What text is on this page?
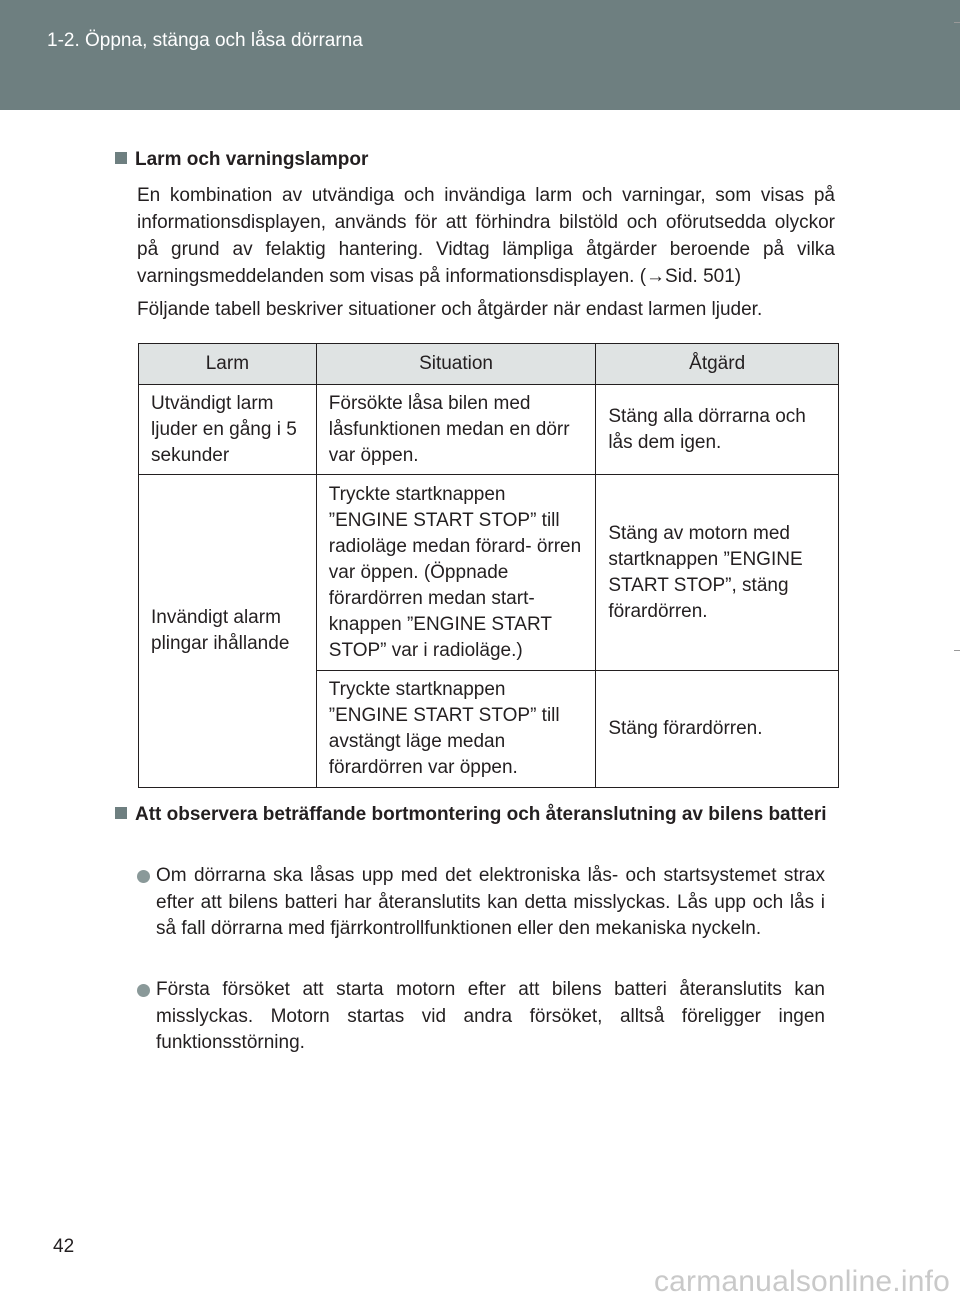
1-2. Öppna, stänga och låsa dörrarna
Larm och varningslampor
En kombination av utvändiga och invändiga larm och varningar, som visas på informationsdisplayen, används för att förhindra bilstöld och oförutsedda olyckor på grund av felaktig hantering. Vidtag lämpliga åtgärder beroende på vilka varningsmeddelanden som visas på informationsdisplayen. (→Sid. 501)
Följande tabell beskriver situationer och åtgärder när endast larmen ljuder.
Larm	Situation	Åtgärd
Utvändigt larm ljuder en gång i 5 sekunder	Försökte låsa bilen med låsfunktionen medan en dörr var öppen.	Stäng alla dörrarna och lås dem igen.
Invändigt alarm plingar ihållande	Tryckte startknappen ”ENGINE START STOP” till radioläge medan förard- örren var öppen. (Öppnade förardörren medan start- knappen ”ENGINE START STOP” var i radioläge.)	Stäng av motorn med startknappen ”ENGINE START STOP”, stäng förardörren.
	Tryckte startknappen ”ENGINE START STOP” till avstängt läge medan förardörren var öppen.	Stäng förardörren.
Att observera beträffande bortmontering och återanslutning av bilens batteri
Om dörrarna ska låsas upp med det elektroniska lås- och startsystemet strax efter att bilens batteri har återanslutits kan detta misslyckas. Lås upp och lås i så fall dörrarna med fjärrkontrollfunktionen eller den mekaniska nyckeln.
Första försöket att starta motorn efter att bilens batteri återanslutits kan misslyckas. Motorn startas vid andra försöket, alltså föreligger ingen funktionsstörning.
42
carmanualsonline.info
